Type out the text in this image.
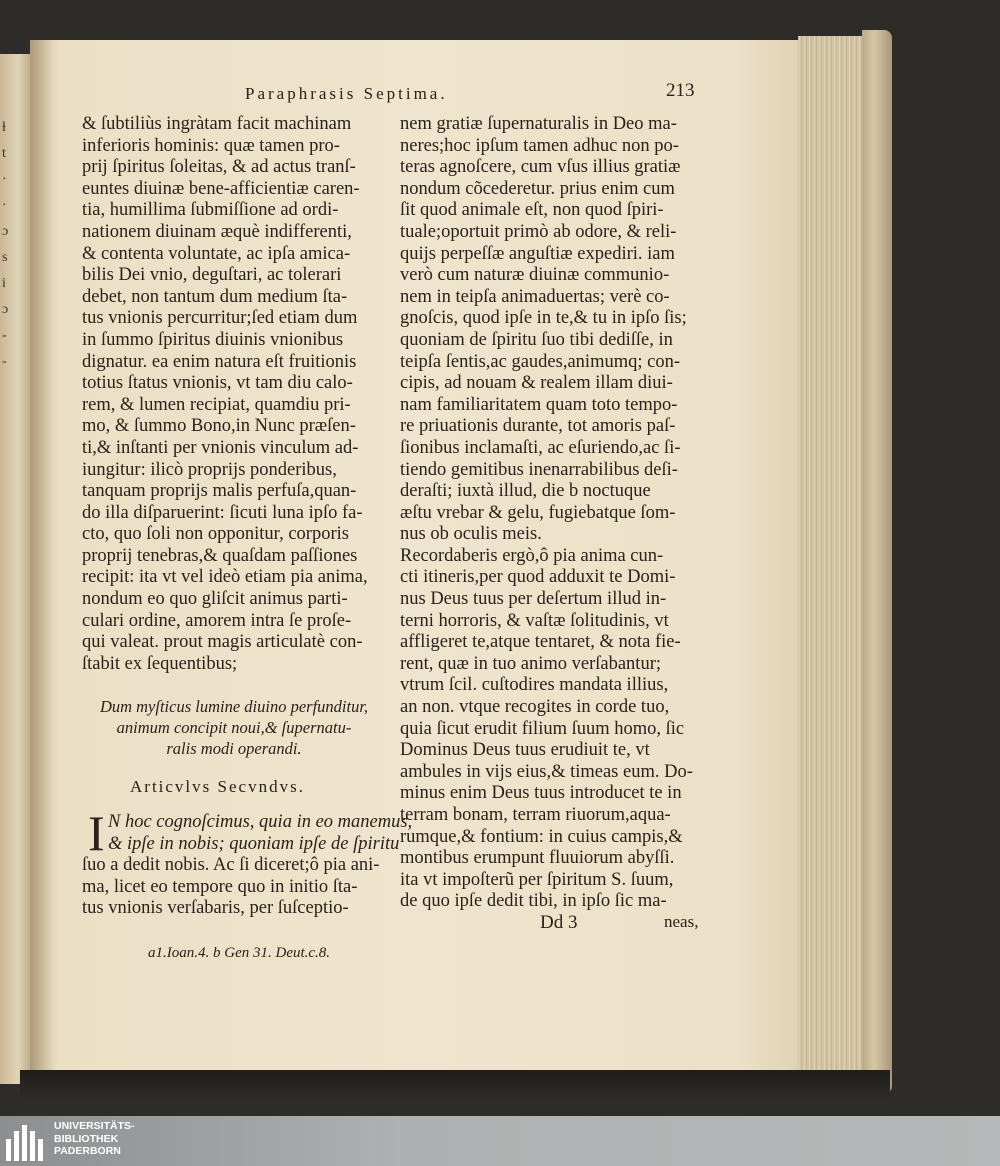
ɫ
t
·
·
ɔ
s
i
ɔ
-
-
Paraphrasis Septima.	213
& ſubtiliùs ingràtam facit machinam
inferioris hominis: quæ tamen pro-
prij ſpiritus ſoleitas, & ad actus tranſ-
euntes diuinæ bene-afficientiæ caren-
tia, humillima ſubmiſſione ad ordi-
nationem diuinam æquè indifferenti,
& contenta voluntate, ac ipſa amica-
bilis Dei vnio, deguſtari, ac tolerari
debet, non tantum dum medium ſta-
tus vnionis percurritur;ſed etiam dum
in ſummo ſpiritus diuinis vnionibus
dignatur. ea enim natura eſt fruitionis
totius ſtatus vnionis, vt tam diu calo-
rem, & lumen recipiat, quamdiu pri-
mo, & ſummo Bono,in Nunc præſen-
ti,& inſtanti per vnionis vinculum ad-
iungitur: ilicò proprijs ponderibus,
tanquam proprijs malis perfuſa,quan-
do illa diſparuerint: ſicuti luna ipſo fa-
cto, quo ſoli non opponitur, corporis
proprij tenebras,& quaſdam paſſiones
recipit: ita vt vel ideò etiam pia anima,
nondum eo quo gliſcit animus parti-
culari ordine, amorem intra ſe proſe-
qui valeat. prout magis articulatè con-
ſtabit ex ſequentibus;
Dum myſticus lumine diuino perfunditur,
animum concipit noui,& ſupernatu-
ralis modi operandi.
Articvlvs Secvndvs.
I N hoc cognoſcimus, quia in eo manemus,
& ipſe in nobis; quoniam ipſe de ſpiritu
ſuo a dedit nobis. Ac ſi diceret;ô pia ani-
ma, licet eo tempore quo in initio ſta-
tus vnionis verſabaris, per ſuſceptio-
nem gratiæ ſupernaturalis in Deo ma-
neres;hoc ipſum tamen adhuc non po-
teras agnoſcere, cum vſus illius gratiæ
nondum cõcederetur. prius enim cum
ſit quod animale eſt, non quod ſpiri-
tuale;oportuit primò ab odore, & reli-
quijs perpeſſæ anguſtiæ expediri. iam
verò cum naturæ diuinæ communio-
nem in teipſa animaduertas; verè co-
gnoſcis, quod ipſe in te,& tu in ipſo ſis;
quoniam de ſpiritu ſuo tibi dediſſe, in
teipſa ſentis,ac gaudes,animumq; con-
cipis, ad nouam & realem illam diui-
nam familiaritatem quam toto tempo-
re priuationis durante, tot amoris paſ-
ſionibus inclamaſti, ac eſuriendo,ac ſi-
tiendo gemitibus inenarrabilibus deſi-
deraſti; iuxtà illud, die b noctuque
æſtu vrebar & gelu, fugiebatque ſom-
nus ob oculis meis.
Recordaberis ergò,ô pia anima cun-
cti itineris,per quod adduxit te Domi-
nus Deus tuus per deſertum illud in-
terni horroris, & vaſtæ ſolitudinis, vt
affligeret te,atque tentaret, & nota fie-
rent, quæ in tuo animo verſabantur;
vtrum ſcil. cuſtodires mandata illius,
an non. vtque recogites in corde tuo,
quia ſicut erudit filium ſuum homo, ſic
Dominus Deus tuus erudiuit te, vt
ambules in vijs eius,& timeas eum. Do-
minus enim Deus tuus introducet te in
terram bonam, terram riuorum,aqua-
rumque,& fontium: in cuius campis,&
montibus erumpunt fluuiorum abyſſi.
ita vt impoſterũ per ſpiritum S. ſuum,
de quo ipſe dedit tibi, in ipſo ſic ma-
Dd 3	neas,
a1.Ioan.4. b Gen 31. Deut.c.8.
UNIVERSITÄTS-
BIBLIOTHEK
PADERBORN
